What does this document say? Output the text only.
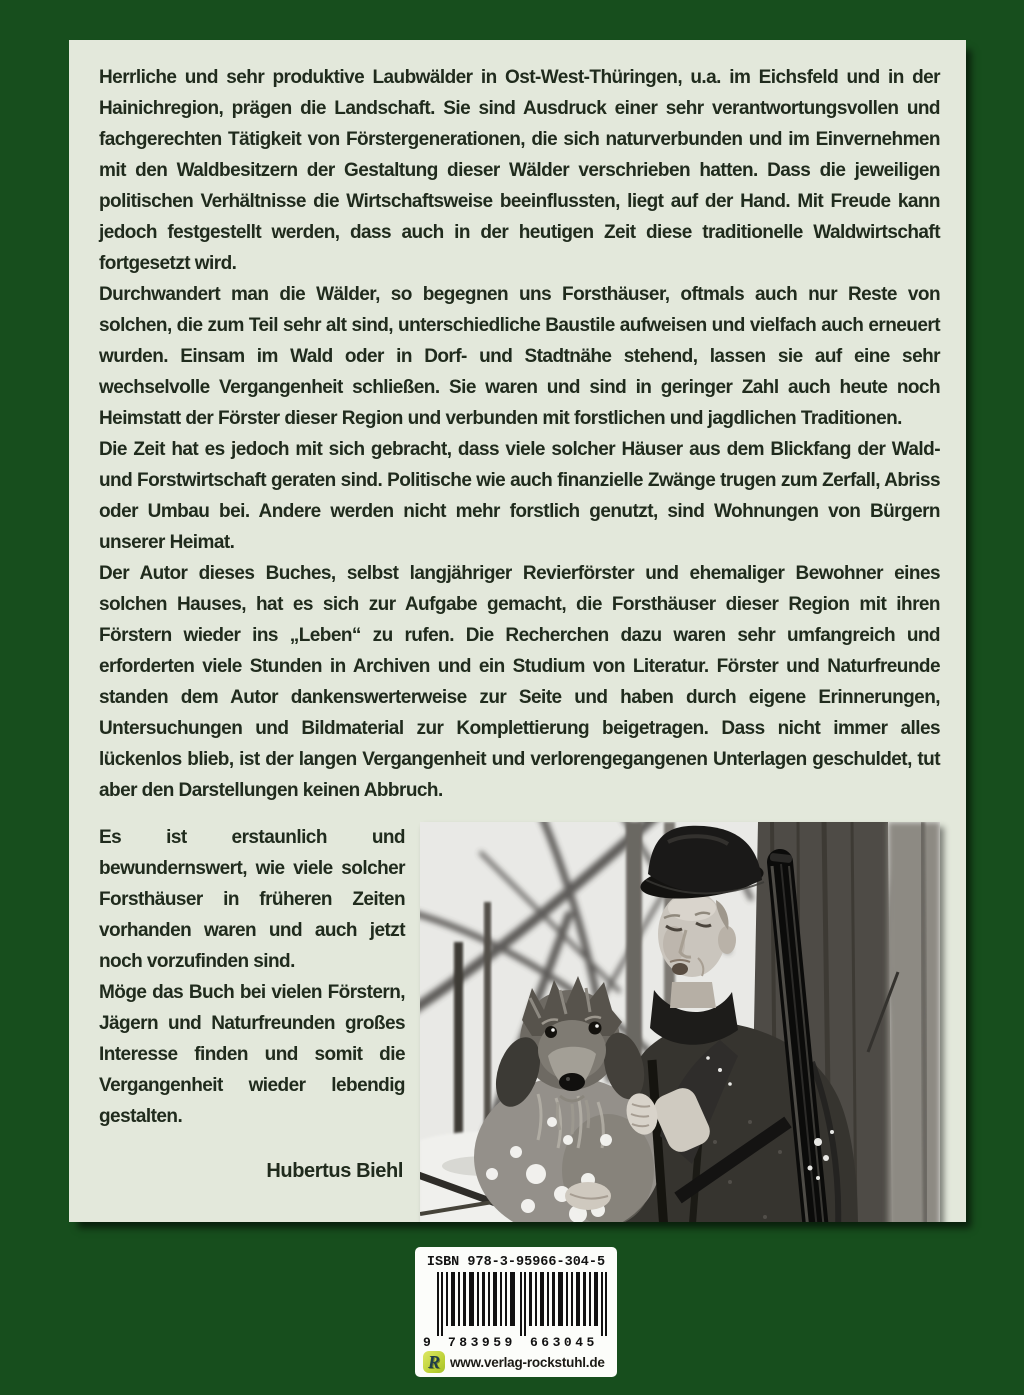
Herrliche und sehr produktive Laubwälder in Ost-West-Thüringen, u.a. im Eichsfeld und in der Hainichregion, prägen die Landschaft. Sie sind Ausdruck einer sehr verantwortungsvollen und fachgerechten Tätigkeit von Förstergenerationen, die sich naturverbunden und im Einvernehmen mit den Waldbesitzern der Gestaltung dieser Wälder verschrieben hatten. Dass die jeweiligen politischen Verhältnisse die Wirtschaftsweise beeinflussten, liegt auf der Hand. Mit Freude kann jedoch festgestellt werden, dass auch in der heutigen Zeit diese traditionelle Waldwirtschaft fortgesetzt wird.

Durchwandert man die Wälder, so begegnen uns Forsthäuser, oftmals auch nur Reste von solchen, die zum Teil sehr alt sind, unterschiedliche Baustile aufweisen und vielfach auch erneuert wurden. Einsam im Wald oder in Dorf- und Stadtnähe stehend, lassen sie auf eine sehr wechselvolle Vergangenheit schließen. Sie waren und sind in geringer Zahl auch heute noch Heimstatt der Förster dieser Region und verbunden mit forstlichen und jagdlichen Traditionen.

Die Zeit hat es jedoch mit sich gebracht, dass viele solcher Häuser aus dem Blickfang der Wald- und Forstwirtschaft geraten sind. Politische wie auch finanzielle Zwänge trugen zum Zerfall, Abriss oder Umbau bei. Andere werden nicht mehr forstlich genutzt, sind Wohnungen von Bürgern unserer Heimat.

Der Autor dieses Buches, selbst langjähriger Revierförster und ehemaliger Bewohner eines solchen Hauses, hat es sich zur Aufgabe gemacht, die Forsthäuser dieser Region mit ihren Förstern wieder ins „Leben“ zu rufen. Die Recherchen dazu waren sehr umfangreich und erforderten viele Stunden in Archiven und ein Studium von Literatur. Förster und Naturfreunde standen dem Autor dankenswerterweise zur Seite und haben durch eigene Erinnerungen, Untersuchungen und Bildmaterial zur Komplettierung beigetragen. Dass nicht immer alles lückenlos blieb, ist der langen Vergangenheit und verlorengegangenen Unterlagen geschuldet, tut aber den Darstellungen keinen Abbruch.

Es ist erstaunlich und bewundernswert, wie viele solcher Forsthäuser in früheren Zeiten vorhanden waren und auch jetzt noch vorzufinden sind.

Möge das Buch bei vielen Förstern, Jägern und Naturfreunden großes Interesse finden und somit die Vergangenheit wieder lebendig gestalten.

Hubertus Biehl
ISBN 978-3-95966-304-5
9 783959 663045
R www.verlag-rockstuhl.de
